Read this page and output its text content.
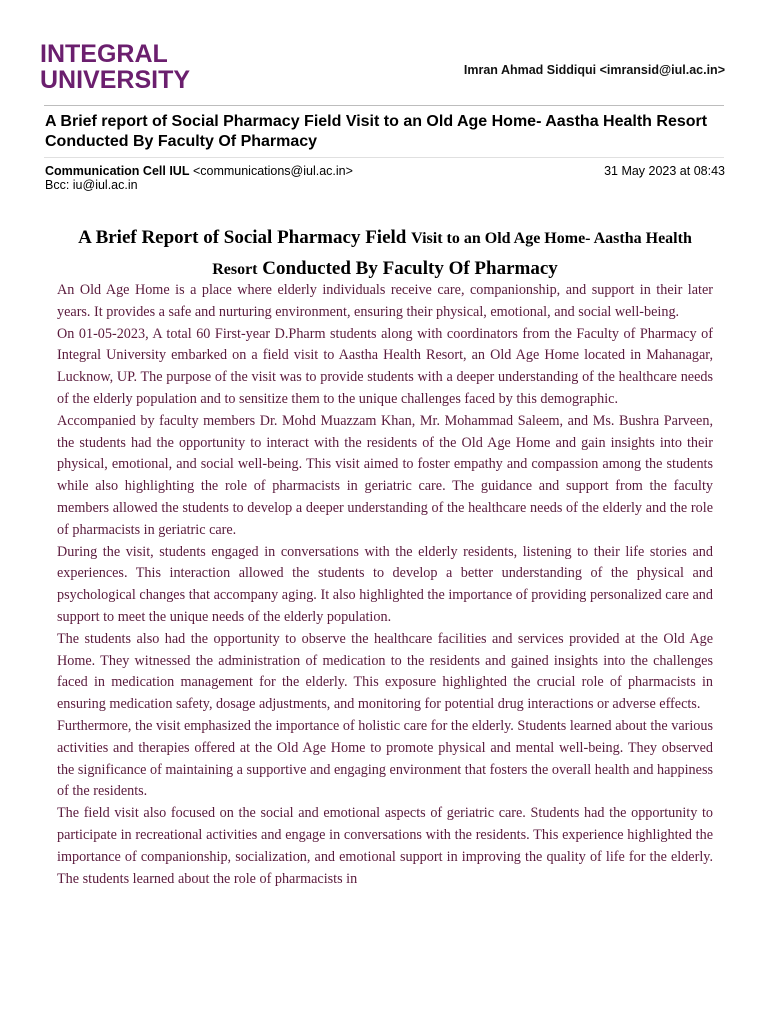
INTEGRAL
UNIVERSITY	Imran Ahmad Siddiqui <imransid@iul.ac.in>
A Brief report of Social Pharmacy Field Visit to an Old Age Home- Aastha Health Resort Conducted By Faculty Of Pharmacy
Communication Cell IUL <communications@iul.ac.in>	31 May 2023 at 08:43
Bcc: iu@iul.ac.in
A Brief Report of Social Pharmacy Field Visit to an Old Age Home- Aastha Health Resort Conducted By Faculty Of Pharmacy

An Old Age Home is a place where elderly individuals receive care, companionship, and support in their later years. It provides a safe and nurturing environment, ensuring their physical, emotional, and social well-being.

On 01-05-2023, A total 60 First-year D.Pharm students along with coordinators from the Faculty of Pharmacy of Integral University embarked on a field visit to Aastha Health Resort, an Old Age Home located in Mahanagar, Lucknow, UP. The purpose of the visit was to provide students with a deeper understanding of the healthcare needs of the elderly population and to sensitize them to the unique challenges faced by this demographic.

Accompanied by faculty members Dr. Mohd Muazzam Khan, Mr. Mohammad Saleem, and Ms. Bushra Parveen, the students had the opportunity to interact with the residents of the Old Age Home and gain insights into their physical, emotional, and social well-being. This visit aimed to foster empathy and compassion among the students while also highlighting the role of pharmacists in geriatric care. The guidance and support from the faculty members allowed the students to develop a deeper understanding of the healthcare needs of the elderly and the role of pharmacists in geriatric care.

During the visit, students engaged in conversations with the elderly residents, listening to their life stories and experiences. This interaction allowed the students to develop a better understanding of the physical and psychological changes that accompany aging. It also highlighted the importance of providing personalized care and support to meet the unique needs of the elderly population.

The students also had the opportunity to observe the healthcare facilities and services provided at the Old Age Home. They witnessed the administration of medication to the residents and gained insights into the challenges faced in medication management for the elderly. This exposure highlighted the crucial role of pharmacists in ensuring medication safety, dosage adjustments, and monitoring for potential drug interactions or adverse effects.

Furthermore, the visit emphasized the importance of holistic care for the elderly. Students learned about the various activities and therapies offered at the Old Age Home to promote physical and mental well-being. They observed the significance of maintaining a supportive and engaging environment that fosters the overall health and happiness of the residents.

The field visit also focused on the social and emotional aspects of geriatric care. Students had the opportunity to participate in recreational activities and engage in conversations with the residents. This experience highlighted the importance of companionship, socialization, and emotional support in improving the quality of life for the elderly. The students learned about the role of pharmacists in
